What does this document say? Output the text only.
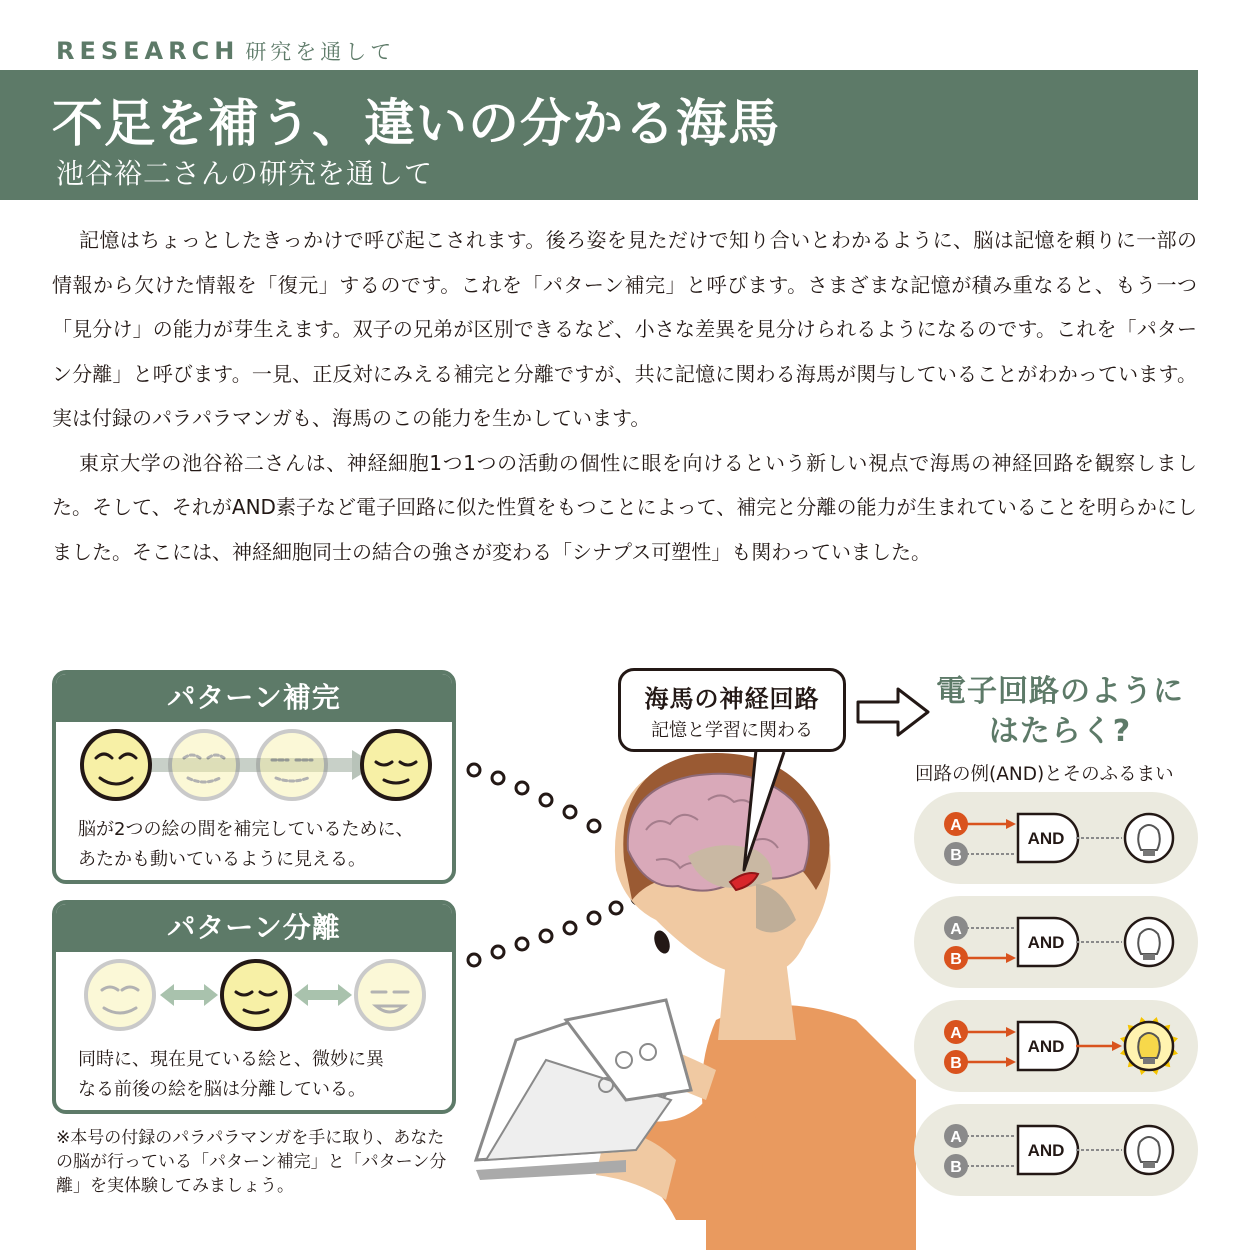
RESEARCH 研究を通して
不足を補う、違いの分かる海馬
池谷裕二さんの研究を通して

記憶はちょっとしたきっかけで呼び起こされます。後ろ姿を見ただけで知り合いとわかるように、脳は記憶を頼りに一部の情報から欠けた情報を「復元」するのです。これを「パターン補完」と呼びます。さまざまな記憶が積み重なると、もう一つ「見分け」の能力が芽生えます。双子の兄弟が区別できるなど、小さな差異を見分けられるようになるのです。これを「パターン分離」と呼びます。一見、正反対にみえる補完と分離ですが、共に記憶に関わる海馬が関与していることがわかっています。実は付録のパラパラマンガも、海馬のこの能力を生かしています。

東京大学の池谷裕二さんは、神経細胞1つ1つの活動の個性に眼を向けるという新しい視点で海馬の神経回路を観察しました。そして、それがAND素子など電子回路に似た性質をもつことによって、補完と分離の能力が生まれていることを明らかにしました。そこには、神経細胞同士の結合の強さが変わる「シナプス可塑性」も関わっていました。

パターン補完
脳が2つの絵の間を補完しているために、
あたかも動いているように見える。
パターン分離
同時に、現在見ている絵と、微妙に異
なる前後の絵を脳は分離している。
※本号の付録のパラパラマンガを手に取り、あなたの脳が行っている「パターン補完」と「パターン分離」を実体験してみましょう。
海馬の神経回路
記憶と学習に関わる
電子回路のように
はたらく?
回路の例(AND)とそのふるまい
A
B
AND
A
B
AND
A
B
AND
A
B
AND
